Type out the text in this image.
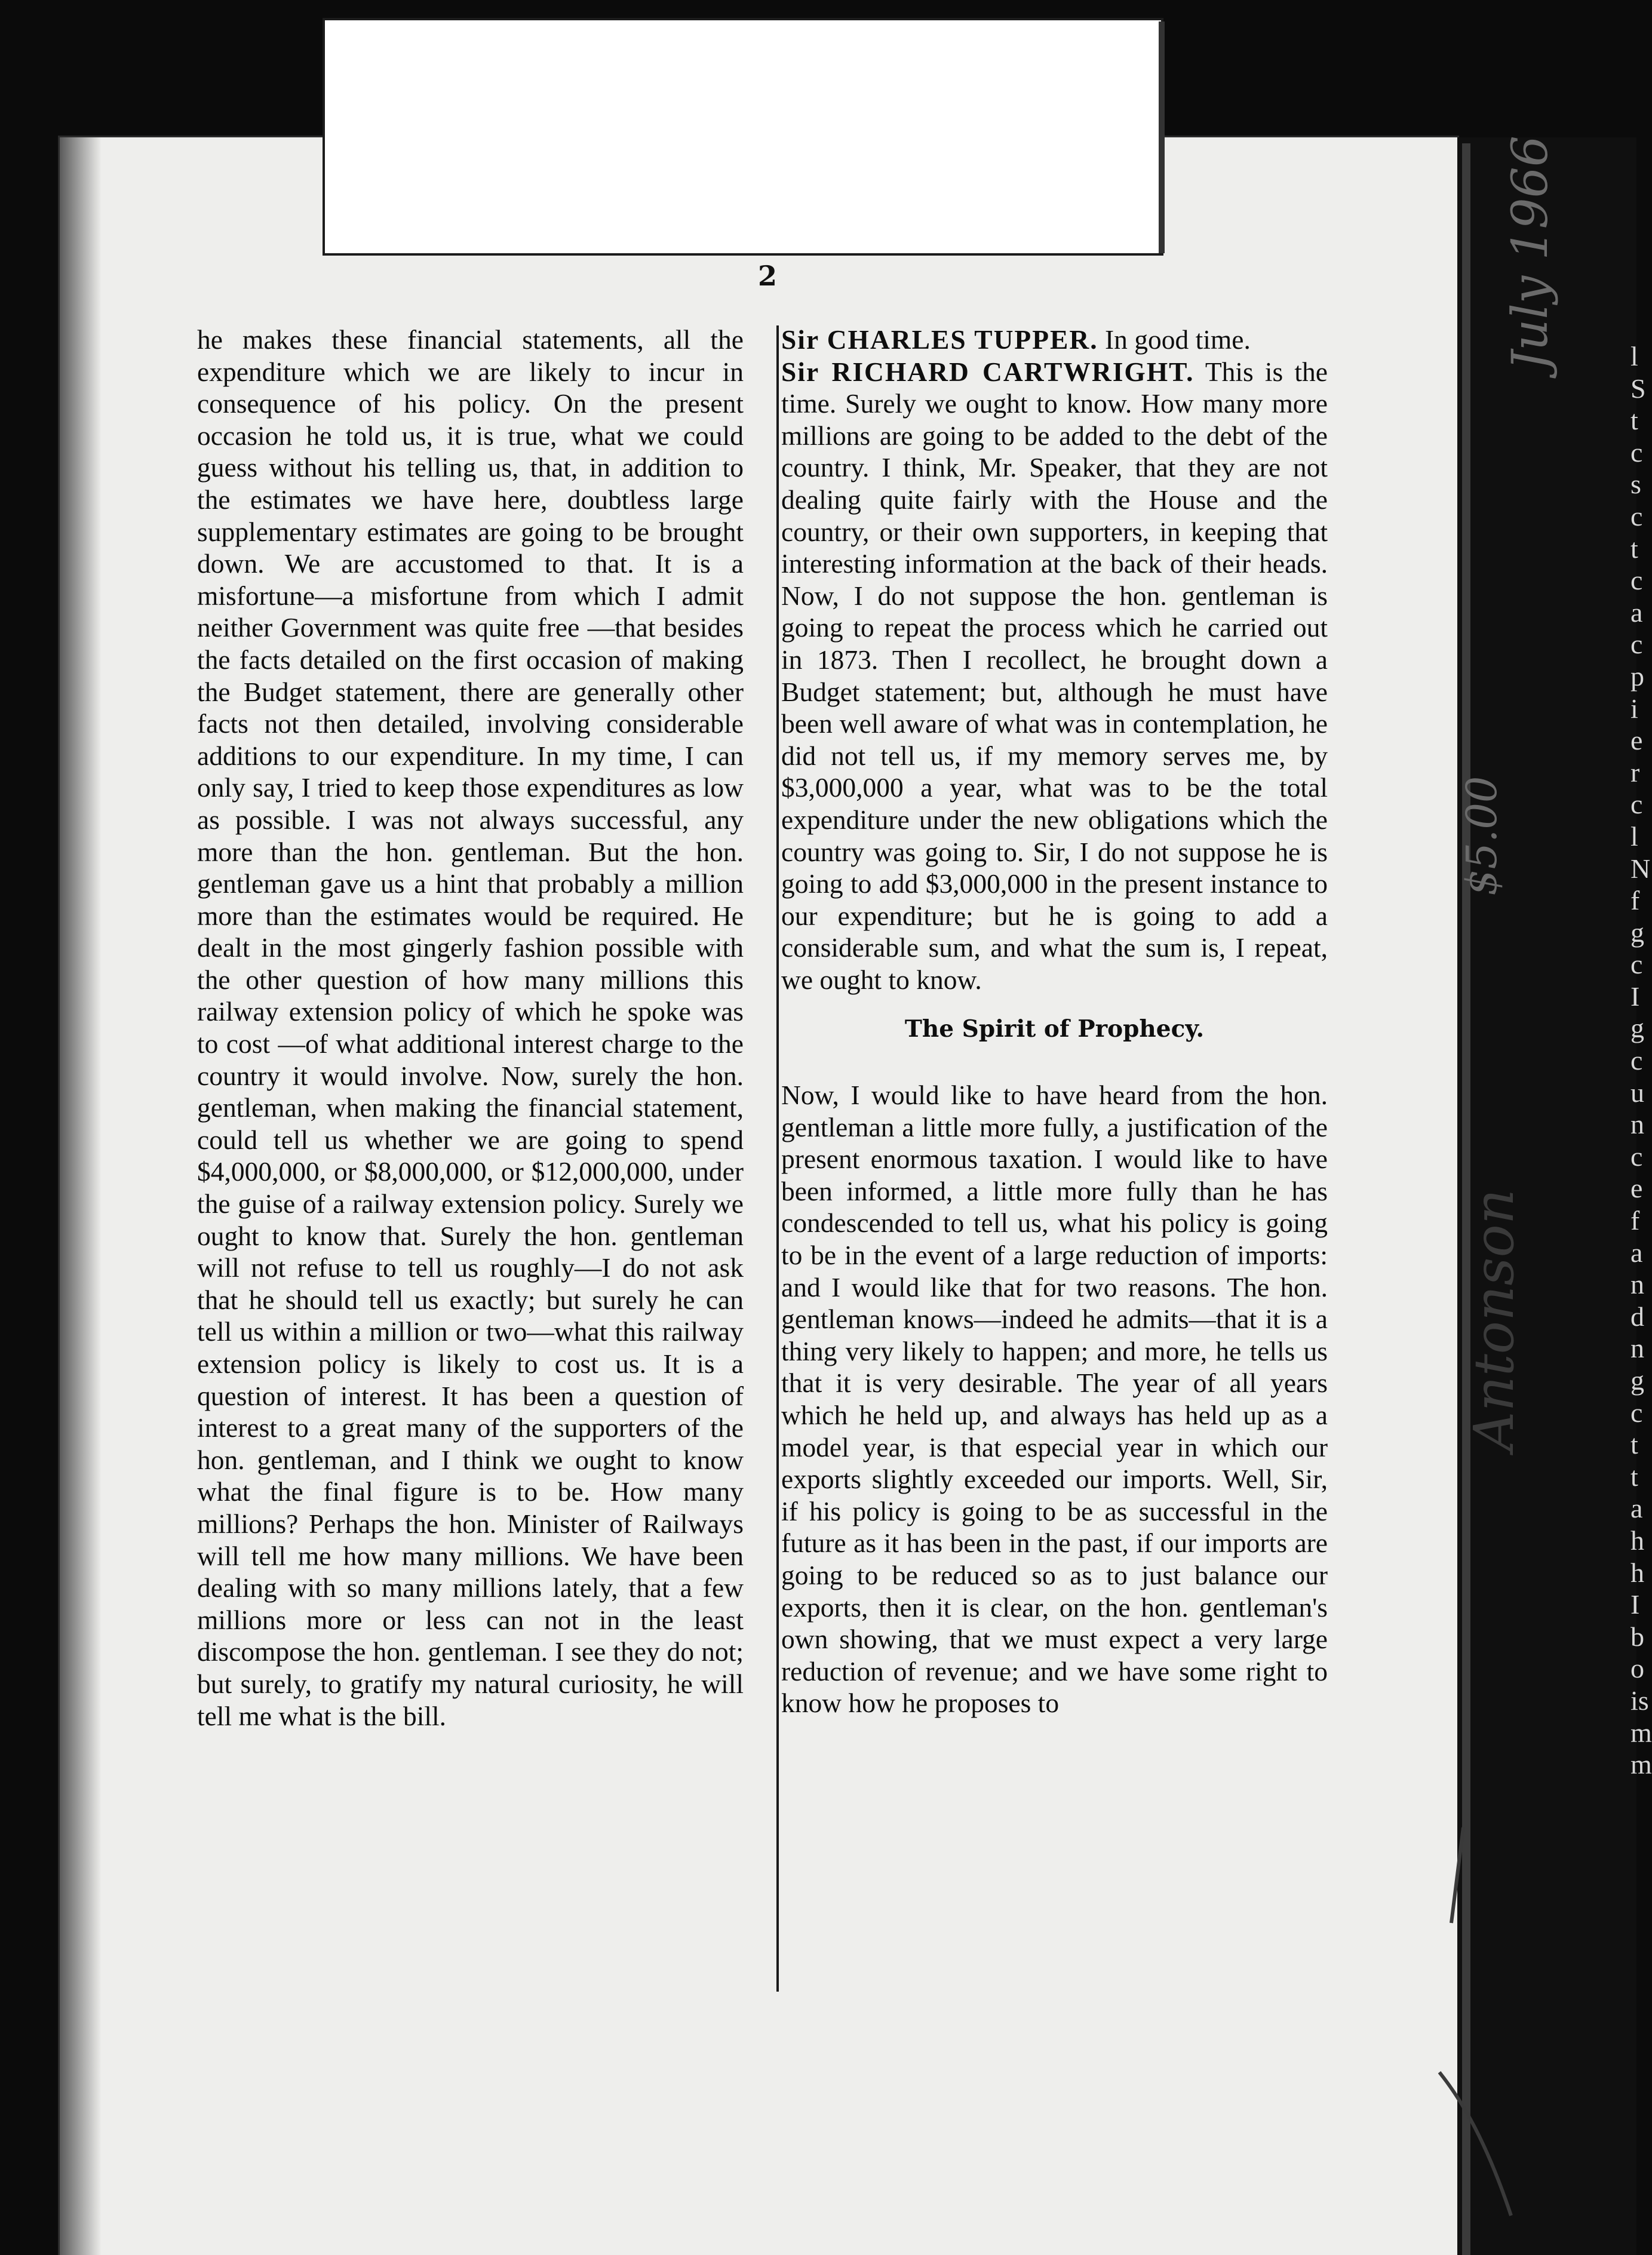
2

he makes these financial statements, all the expenditure which we are likely to incur in consequence of his policy. On the present occasion he told us, it is true, what we could guess without his telling us, that, in addition to the estimates we have here, doubtless large supplementary estimates are going to be brought down. We are accustomed to that. It is a misfortune—a misfortune from which I admit neither Government was quite free —that besides the facts detailed on the first occasion of making the Budget statement, there are generally other facts not then detailed, involving considerable additions to our expenditure. In my time, I can only say, I tried to keep those expenditures as low as possible. I was not always successful, any more than the hon. gentleman. But the hon. gentleman gave us a hint that probably a million more than the estimates would be required. He dealt in the most gingerly fashion possible with the other question of how many millions this railway extension policy of which he spoke was to cost —of what additional interest charge to the country it would involve. Now, surely the hon. gentleman, when making the financial statement, could tell us whether we are going to spend $4,000,000, or $8,000,000, or $12,000,000, under the guise of a railway extension policy. Surely we ought to know that. Surely the hon. gentleman will not refuse to tell us roughly—I do not ask that he should tell us exactly; but surely he can tell us within a million or two—what this railway extension policy is likely to cost us. It is a question of interest. It has been a question of interest to a great many of the supporters of the hon. gentleman, and I think we ought to know what the final figure is to be. How many millions? Perhaps the hon. Minister of Railways will tell me how many millions. We have been dealing with so many millions lately, that a few millions more or less can not in the least discompose the hon. gentleman. I see they do not; but surely, to gratify my natural curiosity, he will tell me what is the bill.

Sir CHARLES TUPPER. In good time.

Sir RICHARD CARTWRIGHT. This is the time. Surely we ought to know. How many more millions are going to be added to the debt of the country. I think, Mr. Speaker, that they are not dealing quite fairly with the House and the country, or their own supporters, in keeping that interesting information at the back of their heads. Now, I do not suppose the hon. gentleman is going to repeat the process which he carried out in 1873. Then I recollect, he brought down a Budget statement; but, although he must have been well aware of what was in contemplation, he did not tell us, if my memory serves me, by $3,000,000 a year, what was to be the total expenditure under the new obligations which the country was going to. Sir, I do not suppose he is going to add $3,000,000 in the present instance to our expenditure; but he is going to add a considerable sum, and what the sum is, I repeat, we ought to know.

The Spirit of Prophecy.

Now, I would like to have heard from the hon. gentleman a little more fully, a justification of the present enormous taxation. I would like to have been informed, a little more fully than he has condescended to tell us, what his policy is going to be in the event of a large reduction of imports: and I would like that for two reasons. The hon. gentleman knows—indeed he admits—that it is a thing very likely to happen; and more, he tells us that it is very desirable. The year of all years which he held up, and always has held up as a model year, is that especial year in which our exports slightly exceeded our imports. Well, Sir, if his policy is going to be as successful in the future as it has been in the past, if our imports are going to be reduced so as to just balance our exports, then it is clear, on the hon. gentleman's own showing, that we must expect a very large reduction of revenue; and we have some right to know how he proposes to

l
S
t
c
s
c
t
c
a
c
p
i
e
r
c
l
N
f
g
c
I
g
c
u
n
c
e
f
a
n
d
n
g
c
t
t
a
h
h
I
b
o
is
m
m
July 1966
$5.00
Antonson
